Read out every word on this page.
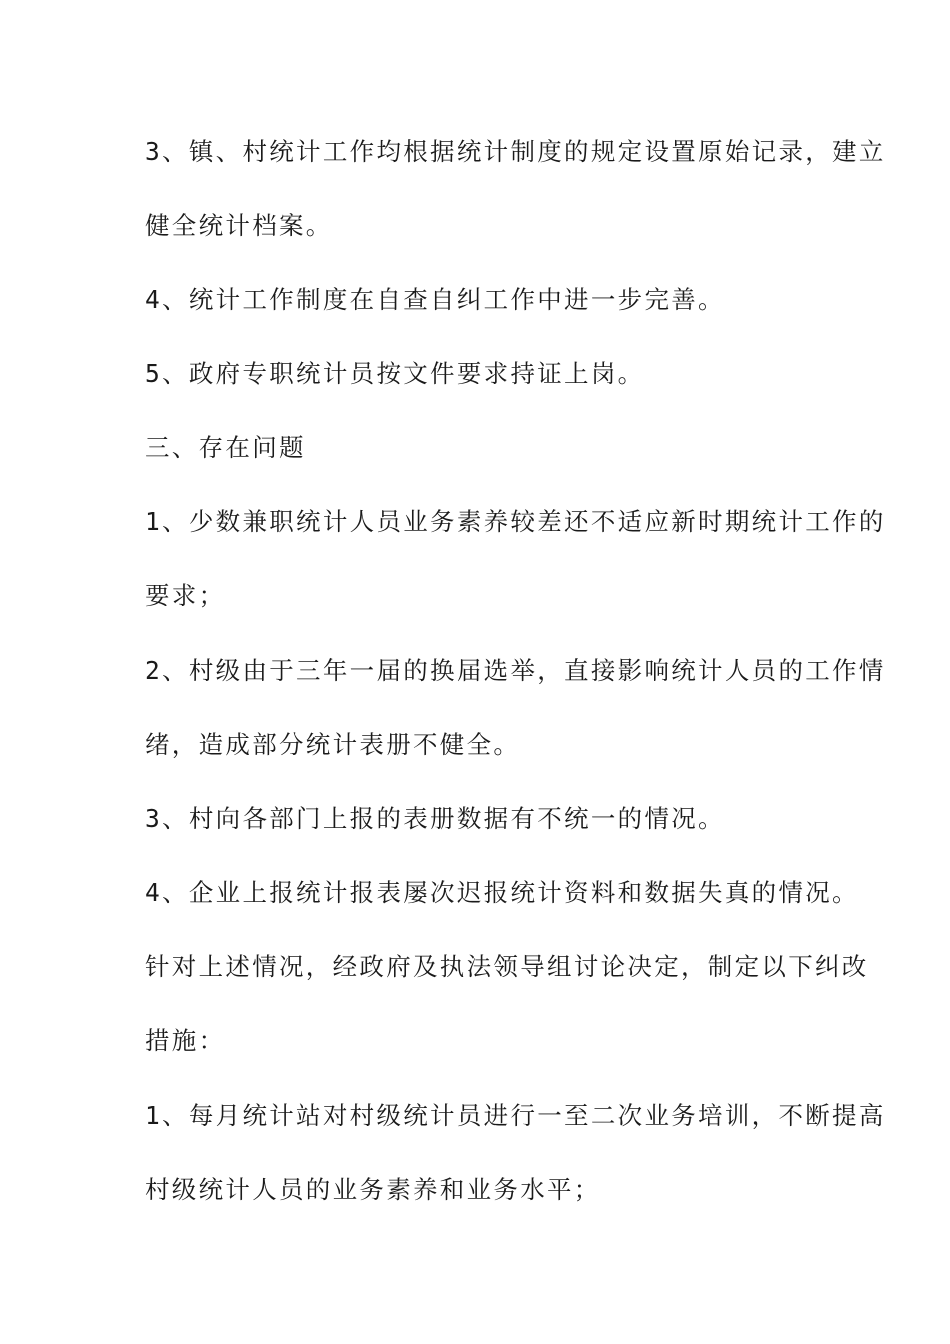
3、镇、村统计工作均根据统计制度的规定设置原始记录，建立
健全统计档案。
4、统计工作制度在自查自纠工作中进一步完善。
5、政府专职统计员按文件要求持证上岗。
三、存在问题
1、少数兼职统计人员业务素养较差还不适应新时期统计工作的
要求；
2、村级由于三年一届的换届选举，直接影响统计人员的工作情
绪，造成部分统计表册不健全。
3、村向各部门上报的表册数据有不统一的情况。
4、企业上报统计报表屡次迟报统计资料和数据失真的情况。
针对上述情况，经政府及执法领导组讨论决定，制定以下纠改
措施：
1、每月统计站对村级统计员进行一至二次业务培训，不断提高
村级统计人员的业务素养和业务水平；
